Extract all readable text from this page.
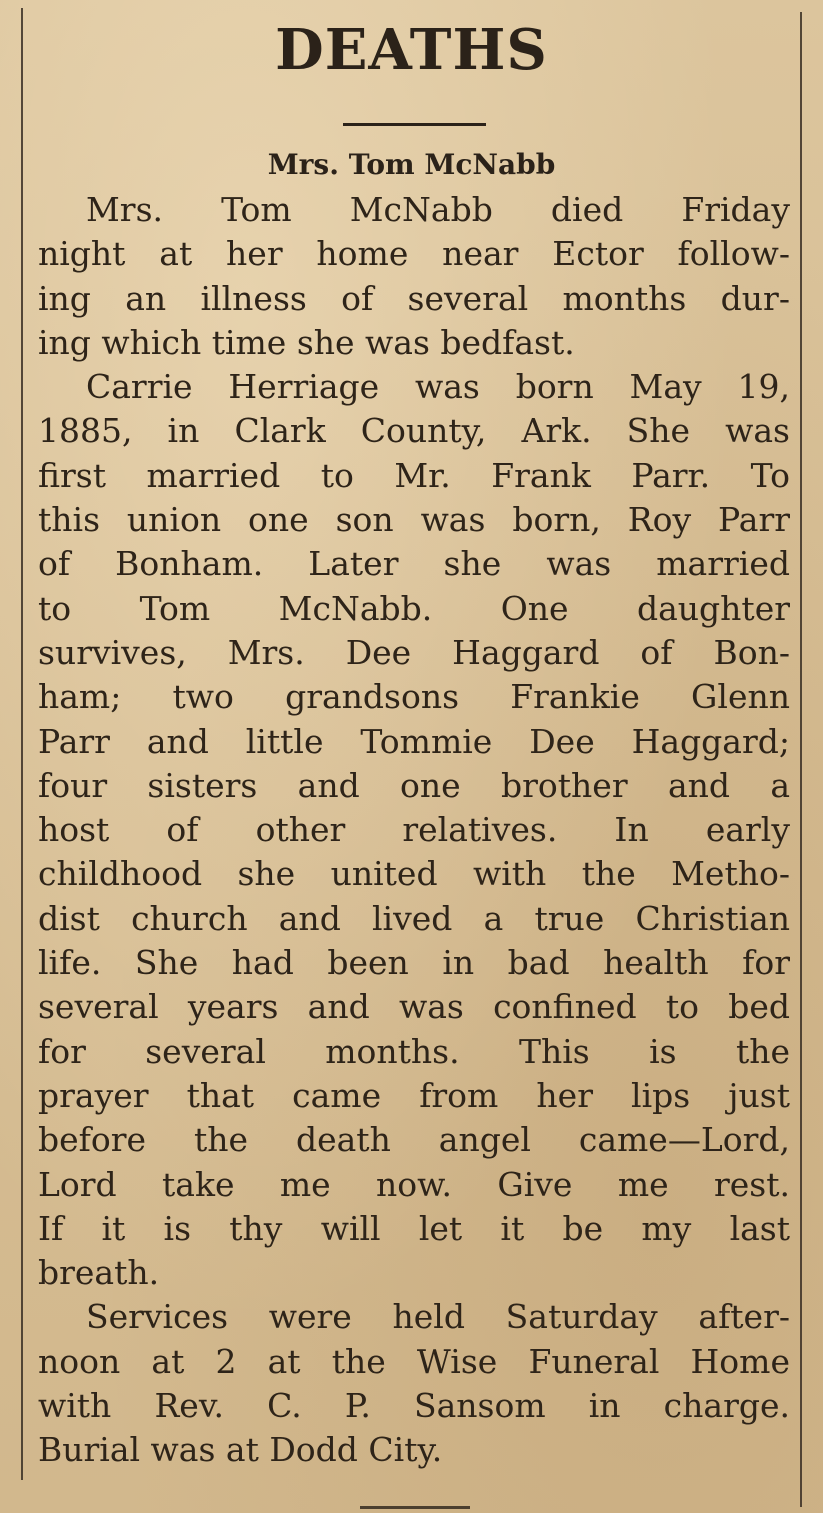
DEATHS
Mrs. Tom McNabb
Mrs. Tom McNabb died Friday
night at her home near Ector follow-
ing an illness of several months dur-
ing which time she was bedfast.
Carrie Herriage was born May 19,
1885, in Clark County, Ark. She was
first married to Mr. Frank Parr. To
this union one son was born, Roy Parr
of Bonham. Later she was married
to Tom McNabb. One daughter
survives, Mrs. Dee Haggard of Bon-
ham; two grandsons Frankie Glenn
Parr and little Tommie Dee Haggard;
four sisters and one brother and a
host of other relatives. In early
childhood she united with the Metho-
dist church and lived a true Christian
life. She had been in bad health for
several years and was confined to bed
for several months. This is the
prayer that came from her lips just
before the death angel came—Lord,
Lord take me now. Give me rest.
If it is thy will let it be my last
breath.
Services were held Saturday after-
noon at 2 at the Wise Funeral Home
with Rev. C. P. Sansom in charge.
Burial was at Dodd City.
